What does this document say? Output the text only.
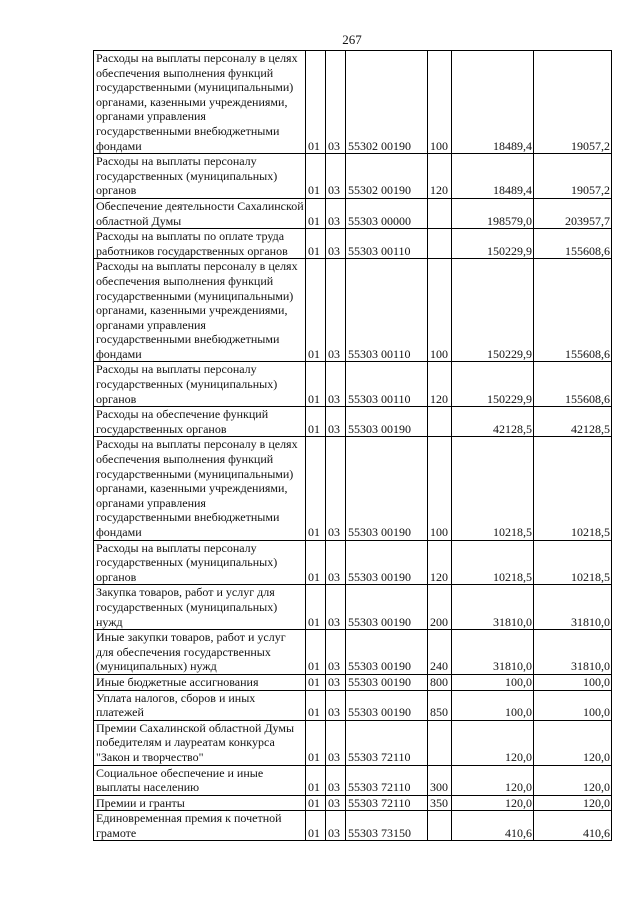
267
Расходы на выплаты персоналу в целях обеспечения выполнения функций государственными (муниципальными) органами, казенными учреждениями, органами управления государственными внебюджетными фондами	01	03	55302 00190	100	18489,4	19057,2
Расходы на выплаты персоналу государственных (муниципальных) органов	01	03	55302 00190	120	18489,4	19057,2
Обеспечение деятельности Сахалинской областной Думы	01	03	55303 00000		198579,0	203957,7
Расходы на выплаты по оплате труда работников государственных органов	01	03	55303 00110		150229,9	155608,6
Расходы на выплаты персоналу в целях обеспечения выполнения функций государственными (муниципальными) органами, казенными учреждениями, органами управления государственными внебюджетными фондами	01	03	55303 00110	100	150229,9	155608,6
Расходы на выплаты персоналу государственных (муниципальных) органов	01	03	55303 00110	120	150229,9	155608,6
Расходы на обеспечение функций государственных органов	01	03	55303 00190		42128,5	42128,5
Расходы на выплаты персоналу в целях обеспечения выполнения функций государственными (муниципальными) органами, казенными учреждениями, органами управления государственными внебюджетными фондами	01	03	55303 00190	100	10218,5	10218,5
Расходы на выплаты персоналу государственных (муниципальных) органов	01	03	55303 00190	120	10218,5	10218,5
Закупка товаров, работ и услуг для государственных (муниципальных) нужд	01	03	55303 00190	200	31810,0	31810,0
Иные закупки товаров, работ и услуг для обеспечения государственных (муниципальных) нужд	01	03	55303 00190	240	31810,0	31810,0
Иные бюджетные ассигнования	01	03	55303 00190	800	100,0	100,0
Уплата налогов, сборов и иных платежей	01	03	55303 00190	850	100,0	100,0
Премии Сахалинской областной Думы победителям и лауреатам конкурса "Закон и творчество"	01	03	55303 72110		120,0	120,0
Социальное обеспечение и иные выплаты населению	01	03	55303 72110	300	120,0	120,0
Премии и гранты	01	03	55303 72110	350	120,0	120,0
Единовременная премия к почетной грамоте	01	03	55303 73150		410,6	410,6
